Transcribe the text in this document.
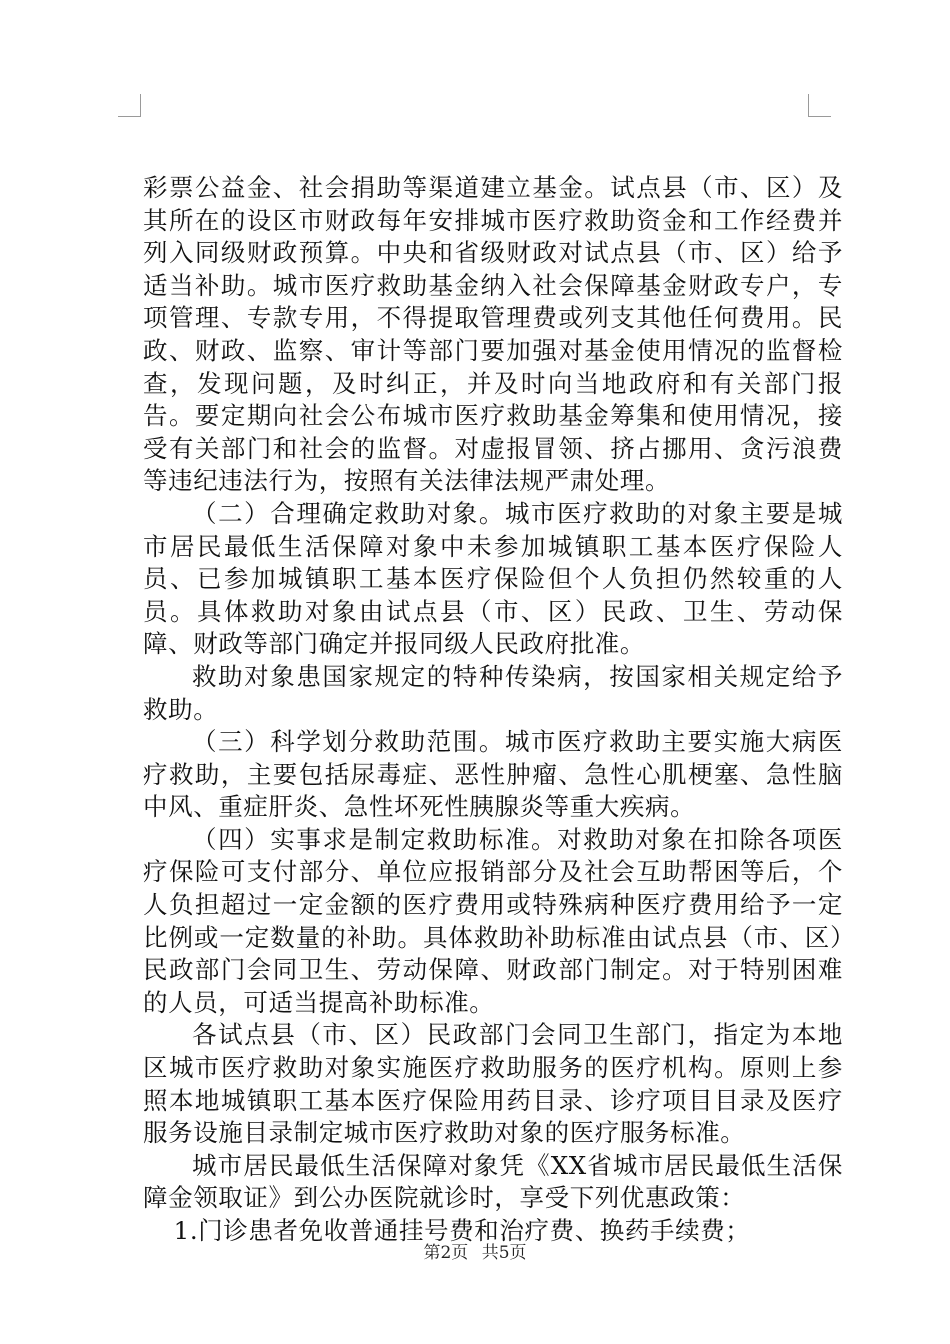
彩票公益金、社会捐助等渠道建立基金。试点县（市、区）及其所在的设区市财政每年安排城市医疗救助资金和工作经费并列入同级财政预算。中央和省级财政对试点县（市、区）给予适当补助。城市医疗救助基金纳入社会保障基金财政专户，专项管理、专款专用，不得提取管理费或列支其他任何费用。民政、财政、监察、审计等部门要加强对基金使用情况的监督检查，发现问题，及时纠正，并及时向当地政府和有关部门报告。要定期向社会公布城市医疗救助基金筹集和使用情况，接受有关部门和社会的监督。对虚报冒领、挤占挪用、贪污浪费等违纪违法行为，按照有关法律法规严肃处理。

（二）合理确定救助对象。城市医疗救助的对象主要是城市居民最低生活保障对象中未参加城镇职工基本医疗保险人员、已参加城镇职工基本医疗保险但个人负担仍然较重的人员。具体救助对象由试点县（市、区）民政、卫生、劳动保障、财政等部门确定并报同级人民政府批准。

救助对象患国家规定的特种传染病，按国家相关规定给予救助。

（三）科学划分救助范围。城市医疗救助主要实施大病医疗救助，主要包括尿毒症、恶性肿瘤、急性心肌梗塞、急性脑中风、重症肝炎、急性坏死性胰腺炎等重大疾病。

（四）实事求是制定救助标准。对救助对象在扣除各项医疗保险可支付部分、单位应报销部分及社会互助帮困等后，个人负担超过一定金额的医疗费用或特殊病种医疗费用给予一定比例或一定数量的补助。具体救助补助标准由试点县（市、区）民政部门会同卫生、劳动保障、财政部门制定。对于特别困难的人员，可适当提高补助标准。

各试点县（市、区）民政部门会同卫生部门，指定为本地区城市医疗救助对象实施医疗救助服务的医疗机构。原则上参照本地城镇职工基本医疗保险用药目录、诊疗项目目录及医疗服务设施目录制定城市医疗救助对象的医疗服务标准。

城市居民最低生活保障对象凭《XX省城市居民最低生活保障金领取证》到公办医院就诊时，享受下列优惠政策：

1.门诊患者免收普通挂号费和治疗费、换药手续费；

第2页 共5页
